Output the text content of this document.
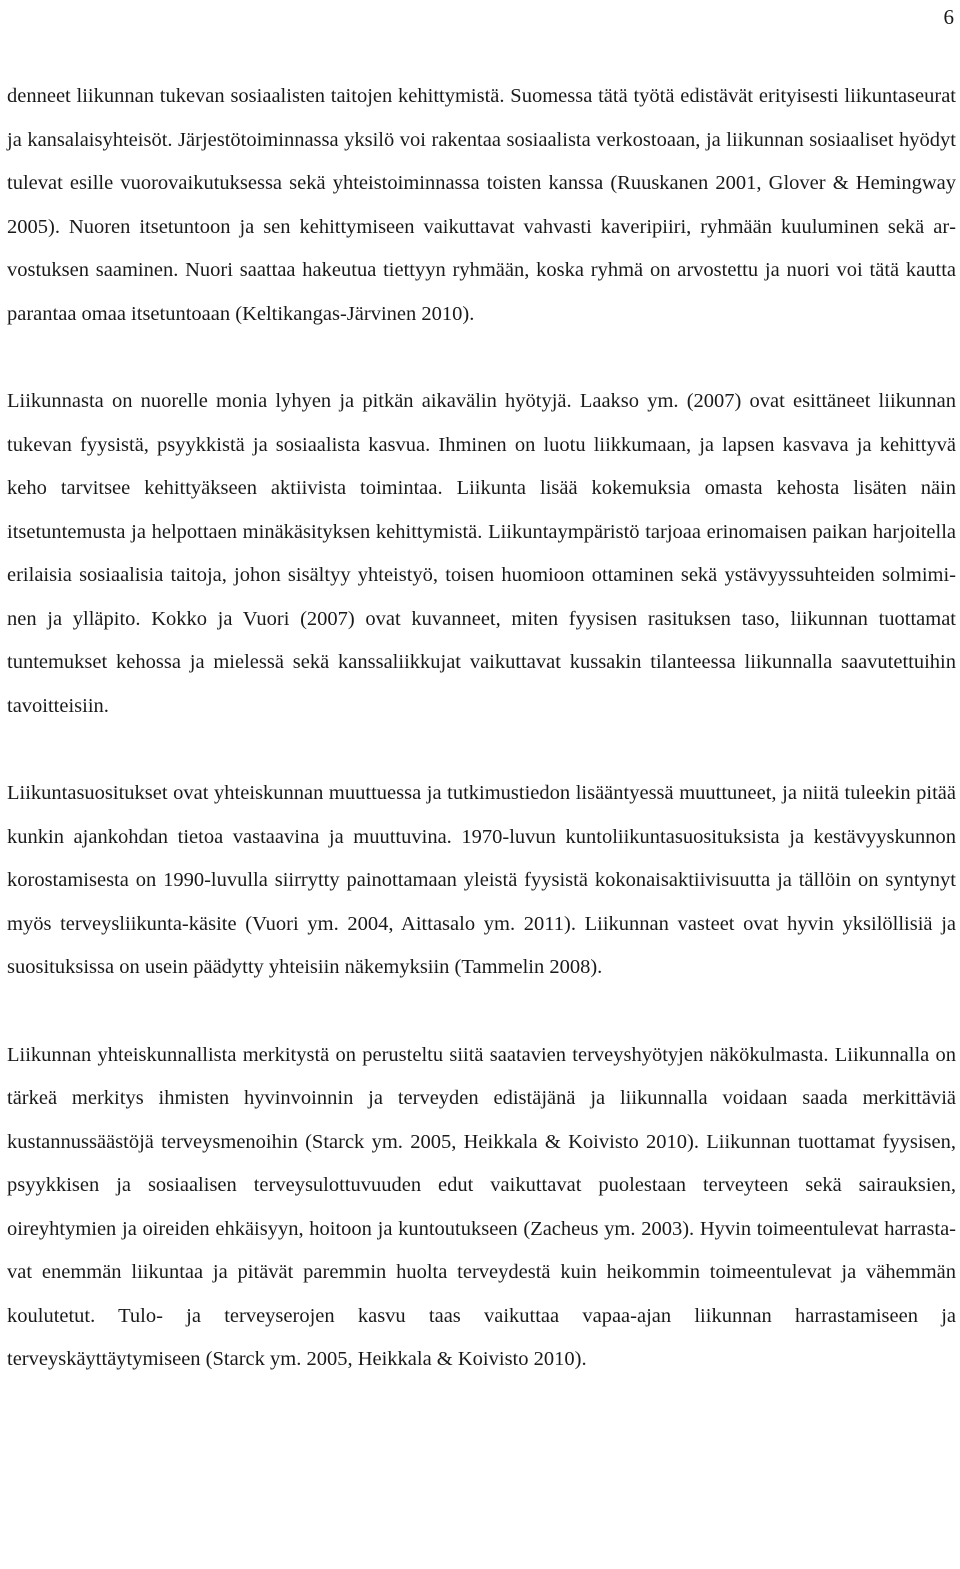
6

denneet liikunnan tukevan sosiaalisten taitojen kehittymistä. Suomessa tätä työtä edistävät erityisesti liikuntaseurat ja kansalaisyhteisöt. Järjestötoiminnassa yksilö voi rakentaa sosiaalista verkostoaan, ja liikunnan sosiaaliset hyödyt tulevat esille vuorovaikutuksessa sekä yhteistoiminnassa toisten kanssa (Ruuskanen 2001, Glover & Hemingway 2005). Nuoren itsetuntoon ja sen kehittymiseen vaikuttavat vahvasti kaveripiiri, ryhmään kuuluminen sekä arvostuksen saaminen. Nuori saattaa hakeutua tiettyyn ryhmään, koska ryhmä on arvostettu ja nuori voi tätä kautta parantaa omaa itsetuntoaan (Keltikangas-Järvinen 2010).

Liikunnasta on nuorelle monia lyhyen ja pitkän aikavälin hyötyjä. Laakso ym. (2007) ovat esittäneet liikunnan tukevan fyysistä, psyykkistä ja sosiaalista kasvua. Ihminen on luotu liikkumaan, ja lapsen kasvava ja kehittyvä keho tarvitsee kehittyäkseen aktiivista toimintaa. Liikunta lisää kokemuksia omasta kehosta lisäten näin itsetuntemusta ja helpottaen minäkäsityksen kehittymistä. Liikuntaympäristö tarjoaa erinomaisen paikan harjoitella erilaisia sosiaalisia taitoja, johon sisältyy yhteistyö, toisen huomioon ottaminen sekä ystävyyssuhteiden solmiminen ja ylläpito. Kokko ja Vuori (2007) ovat kuvanneet, miten fyysisen rasituksen taso, liikunnan tuottamat tuntemukset kehossa ja mielessä sekä kanssaliikkujat vaikuttavat kussakin tilanteessa liikunnalla saavutettuihin tavoitteisiin.

Liikuntasuositukset ovat yhteiskunnan muuttuessa ja tutkimustiedon lisääntyessä muuttuneet, ja niitä tuleekin pitää kunkin ajankohdan tietoa vastaavina ja muuttuvina. 1970-luvun kuntoliikuntasuosituksista ja kestävyyskunnon korostamisesta on 1990-luvulla siirrytty painottamaan yleistä fyysistä kokonaisaktiivisuutta ja tällöin on syntynyt myös terveysliikunta-käsite (Vuori ym. 2004, Aittasalo ym. 2011). Liikunnan vasteet ovat hyvin yksilöllisiä ja suosituksissa on usein päädytty yhteisiin näkemyksiin (Tammelin 2008).

Liikunnan yhteiskunnallista merkitystä on perusteltu siitä saatavien terveyshyötyjen näkökulmasta. Liikunnalla on tärkeä merkitys ihmisten hyvinvoinnin ja terveyden edistäjänä ja liikunnalla voidaan saada merkittäviä kustannussäästöjä terveysmenoihin (Starck ym. 2005, Heikkala & Koivisto 2010). Liikunnan tuottamat fyysisen, psyykkisen ja sosiaalisen terveysulottuvuuden edut vaikuttavat puolestaan terveyteen sekä sairauksien, oireyhtymien ja oireiden ehkäisyyn, hoitoon ja kuntoutukseen (Zacheus ym. 2003). Hyvin toimeentulevat harrastavat enemmän liikuntaa ja pitävät paremmin huolta terveydestä kuin heikommin toimeentulevat ja vähemmän koulutetut. Tulo- ja terveyserojen kasvu taas vaikuttaa vapaa-ajan liikunnan harrastamiseen ja terveyskäyttäytymiseen (Starck ym. 2005, Heikkala & Koivisto 2010).
